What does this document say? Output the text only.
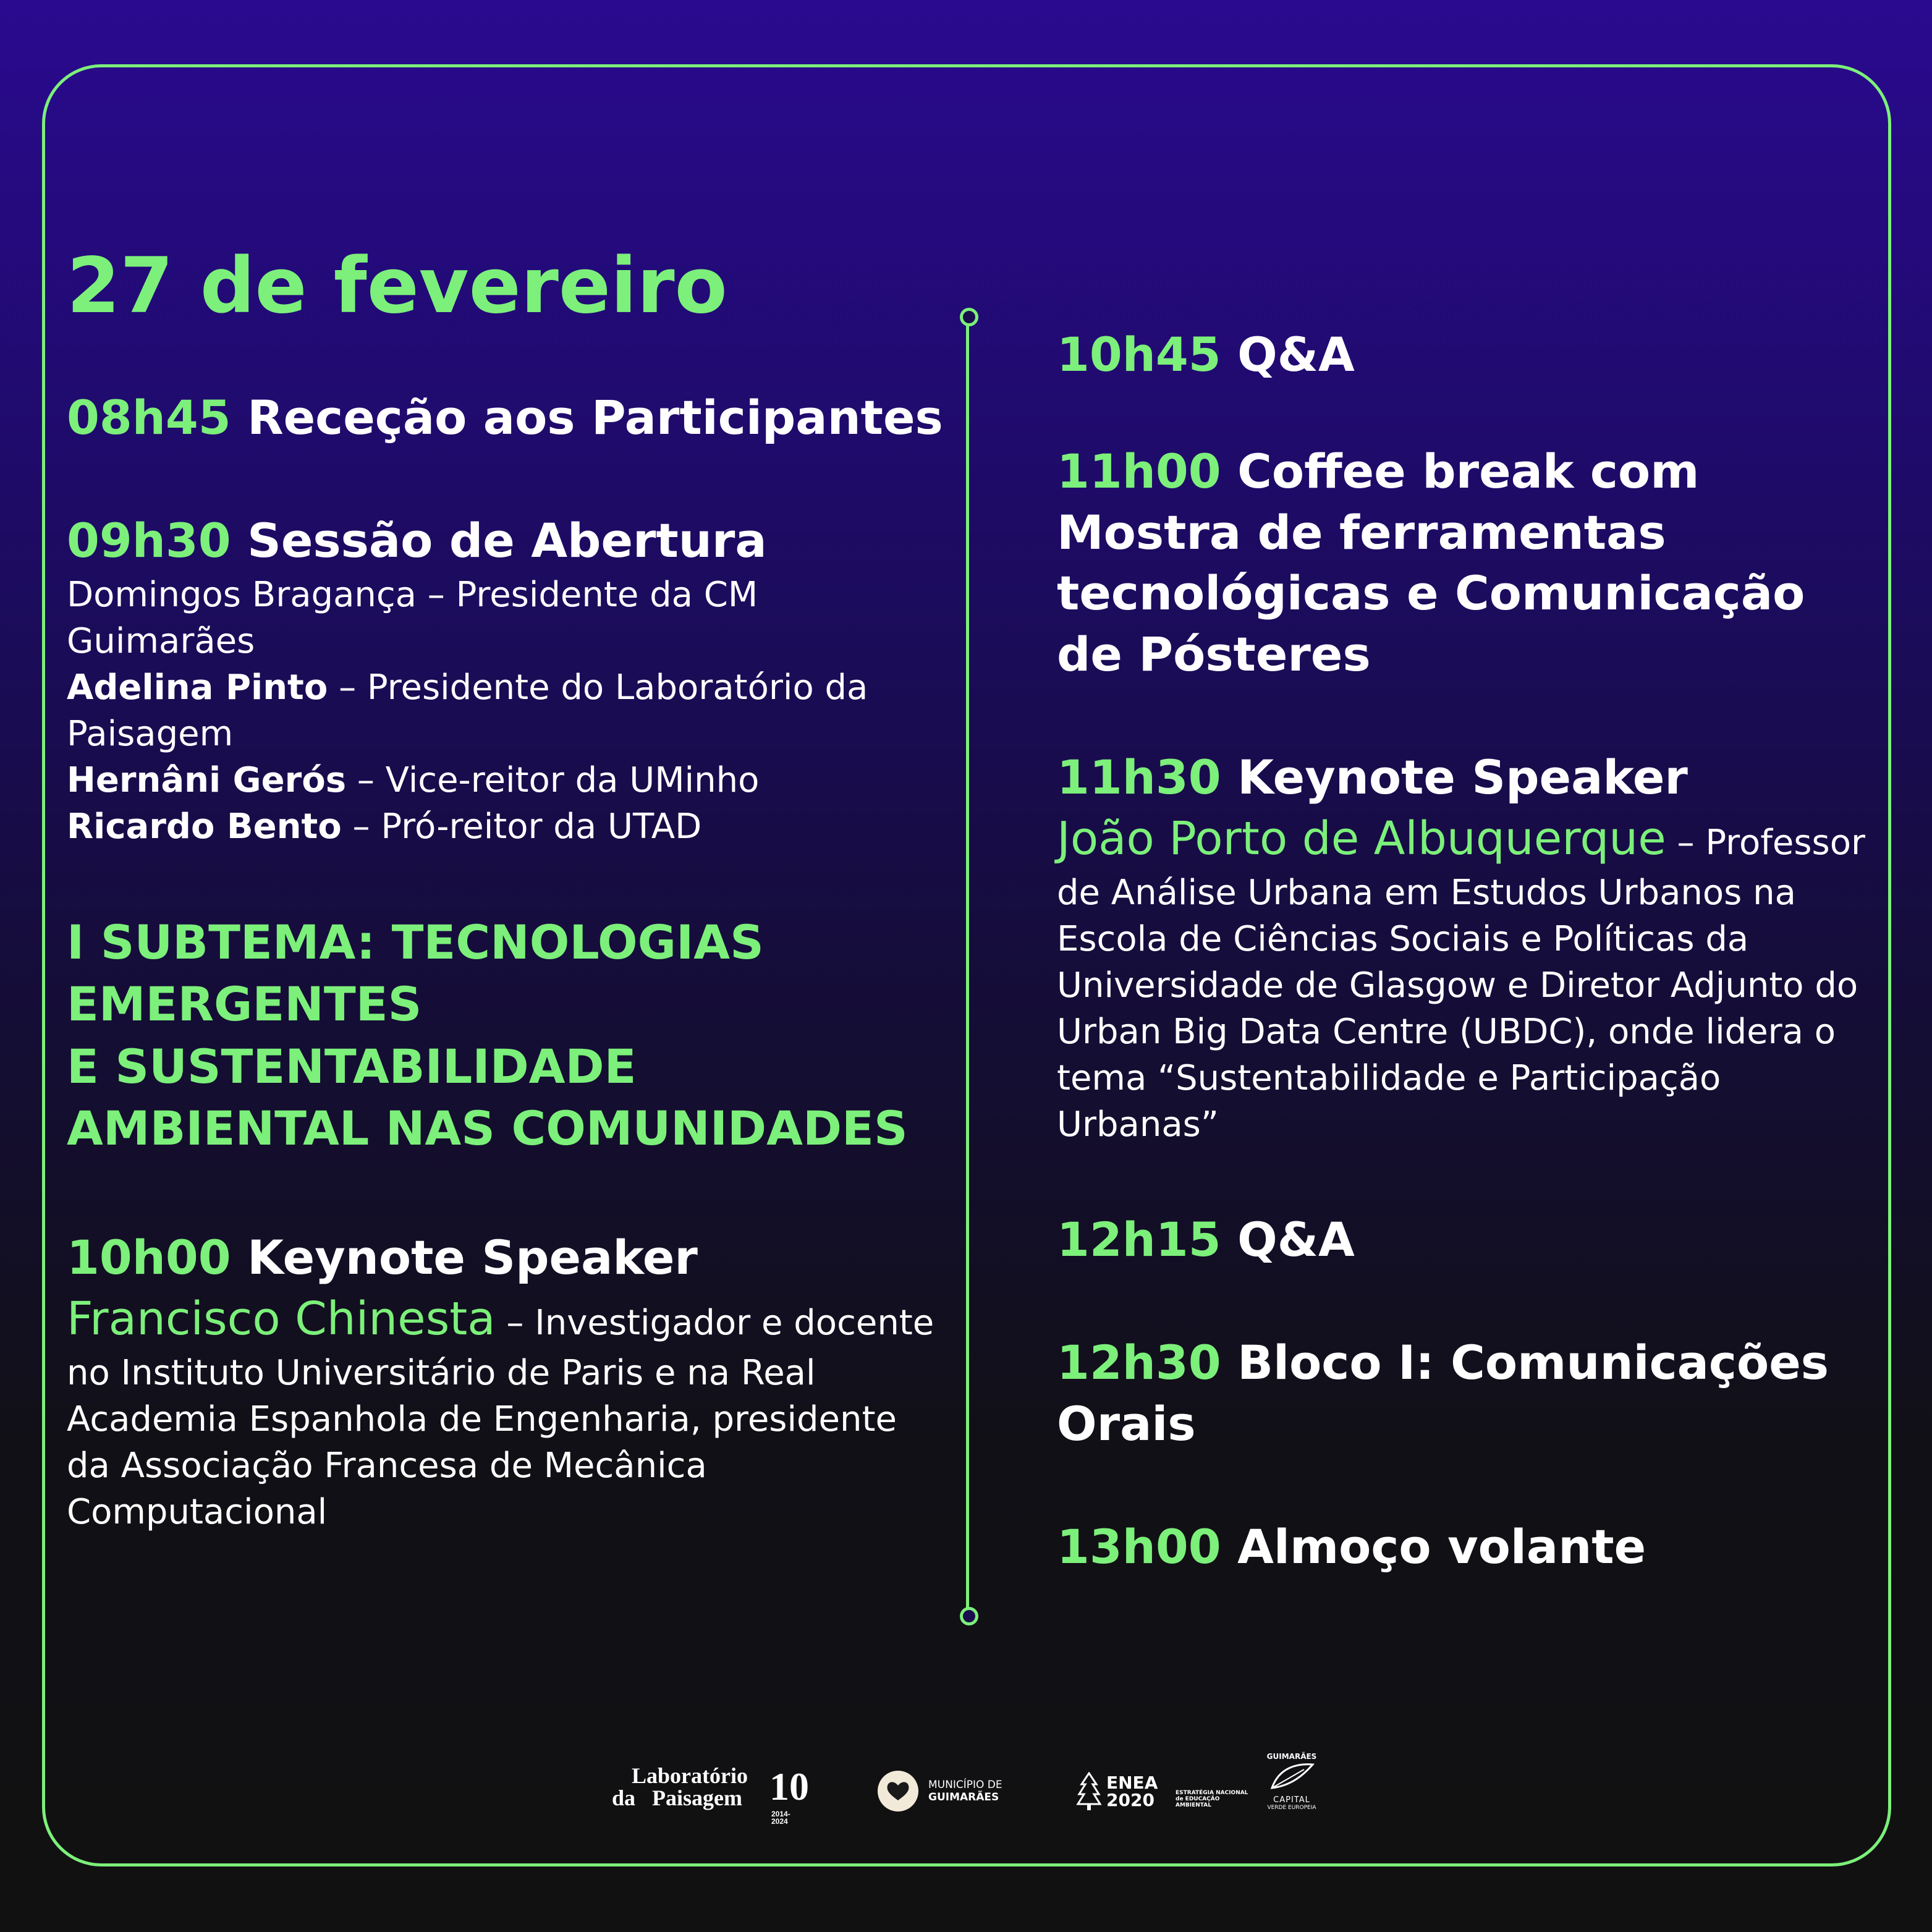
27 de fevereiro
08h45 Receção aos Participantes
09h30 Sessão de Abertura
Domingos Bragança – Presidente da CM Guimarães
Adelina Pinto – Presidente do Laboratório da Paisagem
Hernâni Gerós – Vice-reitor da UMinho
Ricardo Bento – Pró-reitor da UTAD
I SUBTEMA: TECNOLOGIAS
EMERGENTES
E SUSTENTABILIDADE
AMBIENTAL NAS COMUNIDADES
10h00 Keynote Speaker
Francisco Chinesta – Investigador e docente no Instituto Universitário de Paris e na Real Academia Espanhola de Engenharia, presidente da Associação Francesa de Mecânica Computacional
10h45 Q&A
11h00 Coffee break com Mostra de ferramentas tecnológicas e Comunicação de Pósteres
11h30 Keynote Speaker
João Porto de Albuquerque – Professor de Análise Urbana em Estudos Urbanos na Escola de Ciências Sociais e Políticas da Universidade de Glasgow e Diretor Adjunto do Urban Big Data Centre (UBDC), onde lidera o tema “Sustentabilidade e Participação Urbanas”
12h15 Q&A
12h30 Bloco I: Comunicações Orais
13h00 Almoço volante
Laboratório
da Paisagem 10
2014-2024
MUNICÍPIO DE
GUIMARÃES
ENEA
2020	ESTRATÉGIA NACIONAL
de EDUCAÇÃO AMBIENTAL
GUIMARÃES
CAPITAL
VERDE EUROPEIA
